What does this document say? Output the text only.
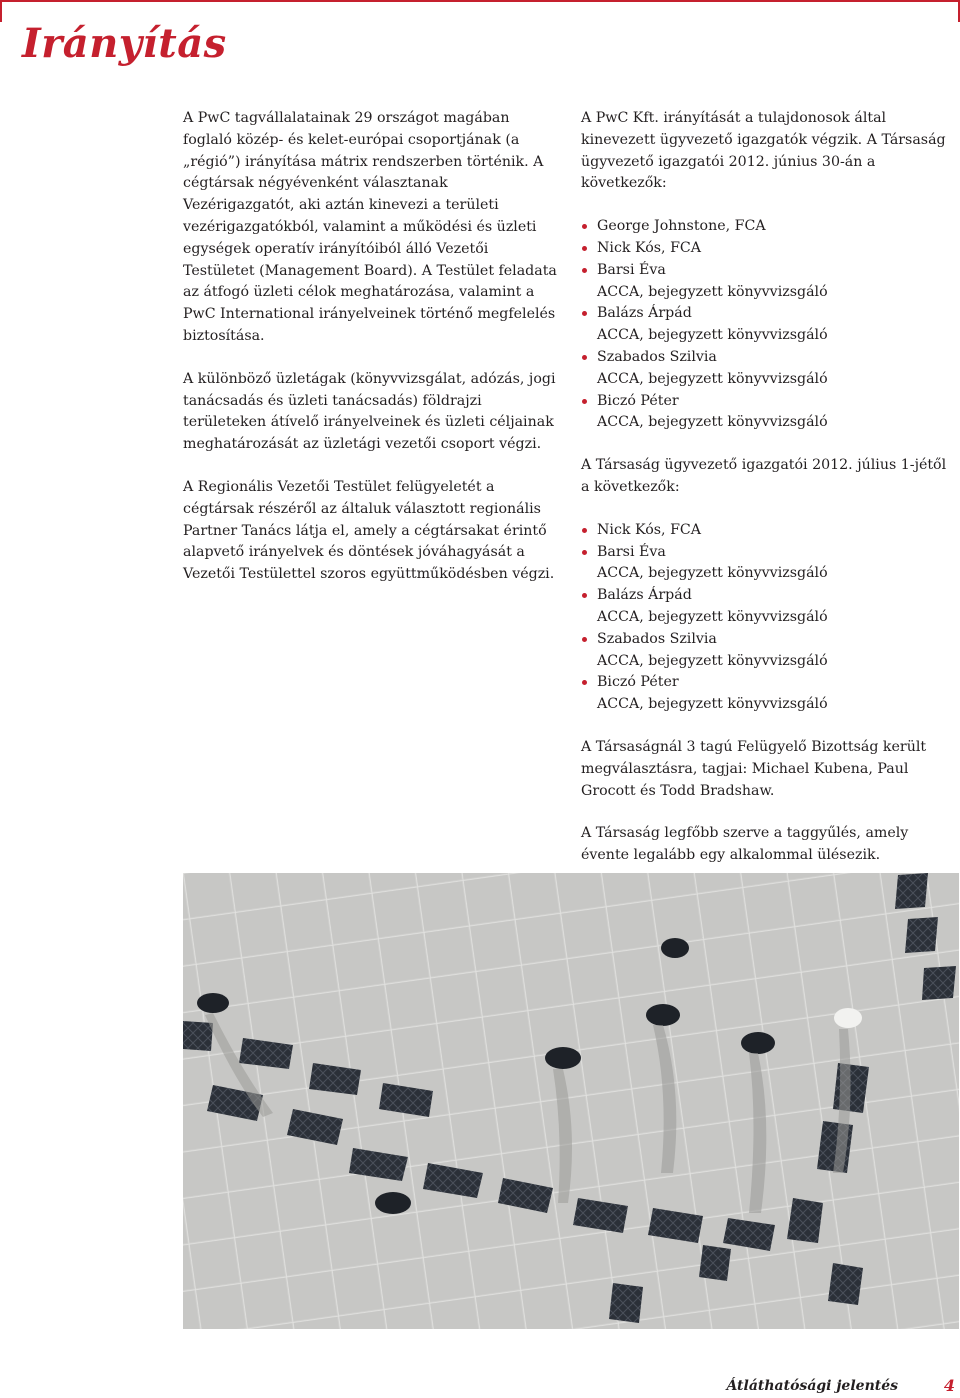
Irányítás

A PwC tagvállalatainak 29 országot magában foglaló közép- és kelet-európai csoportjának (a „régió”) irányítása mátrix rendszerben történik. A cégtársak négyévenként választanak Vezérigazgatót, aki aztán kinevezi a területi vezérigazgatókból, valamint a működési és üzleti egységek operatív irányítóiból álló Vezetői Testületet (Management Board). A Testület feladata az átfogó üzleti célok meghatározása, valamint a PwC International irányelveinek történő megfelelés biztosítása.

A különböző üzletágak (könyvvizsgálat, adózás, jogi tanácsadás és üzleti tanácsadás) földrajzi területeken átívelő irányelveinek és üzleti céljainak meghatározását az üzletági vezetői csoport végzi.

A Regionális Vezetői Testület felügyeletét a cégtársak részéről az általuk választott regionális Partner Tanács látja el, amely a cégtársakat érintő alapvető irányelvek és döntések jóváhagyását a Vezetői Testülettel szoros együttműködésben végzi.

A PwC Kft. irányítását a tulajdonosok által kinevezett ügyvezető igazgatók végzik. A Társaság ügyvezető igazgatói 2012. június 30-án a következők:

George Johnstone, FCA
Nick Kós, FCA
Barsi Éva
ACCA, bejegyzett könyvvizsgáló
Balázs Árpád
ACCA, bejegyzett könyvvizsgáló
Szabados Szilvia
ACCA, bejegyzett könyvvizsgáló
Biczó Péter
ACCA, bejegyzett könyvvizsgáló

A Társaság ügyvezető igazgatói 2012. július 1-jétől a következők:

Nick Kós, FCA
Barsi Éva
ACCA, bejegyzett könyvvizsgáló
Balázs Árpád
ACCA, bejegyzett könyvvizsgáló
Szabados Szilvia
ACCA, bejegyzett könyvvizsgáló
Biczó Péter
ACCA, bejegyzett könyvvizsgáló

A Társaságnál 3 tagú Felügyelő Bizottság került megválasztásra, tagjai: Michael Kubena, Paul Grocott és Todd Bradshaw.

A Társaság legfőbb szerve a taggyűlés, amely évente legalább egy alkalommal ülésezik.

Átláthatósági jelentés	4
